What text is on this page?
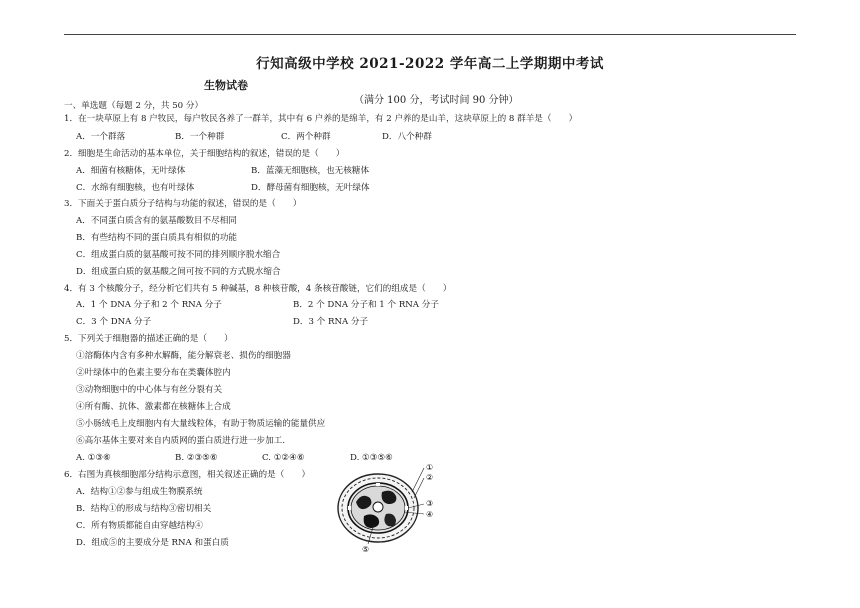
行知高级中学校 2021-2022 学年高二上学期期中考试
生物试卷
（满分 100 分，考试时间 90 分钟）
一、单选题（每题 2 分，共 50 分）
1．在一块草原上有 8 户牧民，每户牧民各养了一群羊，其中有 6 户养的是绵羊，有 2 户养的是山羊，这块草原上的 8 群羊是（　　）
A．一个群落	B．一个种群	C．两个种群	D．八个种群
2．细胞是生命活动的基本单位，关于细胞结构的叙述，错误的是（　　）
A．细菌有核糖体，无叶绿体	B．蓝藻无细胞核，也无核糖体
C．水绵有细胞核，也有叶绿体	D．酵母菌有细胞核，无叶绿体
3．下面关于蛋白质分子结构与功能的叙述，错误的是（　　）
A．不同蛋白质含有的氨基酸数目不尽相同
B．有些结构不同的蛋白质具有相似的功能
C．组成蛋白质的氨基酸可按不同的排列顺序脱水缩合
D．组成蛋白质的氨基酸之间可按不同的方式脱水缩合
4．有 3 个核酸分子，经分析它们共有 5 种碱基，8 种核苷酸，4 条核苷酸链，它们的组成是（　　）
A．1 个 DNA 分子和 2 个 RNA 分子	B．2 个 DNA 分子和 1 个 RNA 分子
C．3 个 DNA 分子	D．3 个 RNA 分子
5．下列关于细胞器的描述正确的是（　　）
①溶酶体内含有多种水解酶，能分解衰老、损伤的细胞器
②叶绿体中的色素主要分布在类囊体腔内
③动物细胞中的中心体与有丝分裂有关
④所有酶、抗体、激素都在核糖体上合成
⑤小肠绒毛上皮细胞内有大量线粒体，有助于物质运输的能量供应
⑥高尔基体主要对来自内质网的蛋白质进行进一步加工.
A. ①③⑥	B. ②③⑤⑥	C. ①②④⑥	D. ①③⑤⑥
6．右图为真核细胞部分结构示意图，相关叙述正确的是（　　）
A．结构①②参与组成生物膜系统
B．结构①的形成与结构③密切相关
C．所有物质都能自由穿越结构④
D．组成⑤的主要成分是 RNA 和蛋白质
①
②
③
④
⑤
